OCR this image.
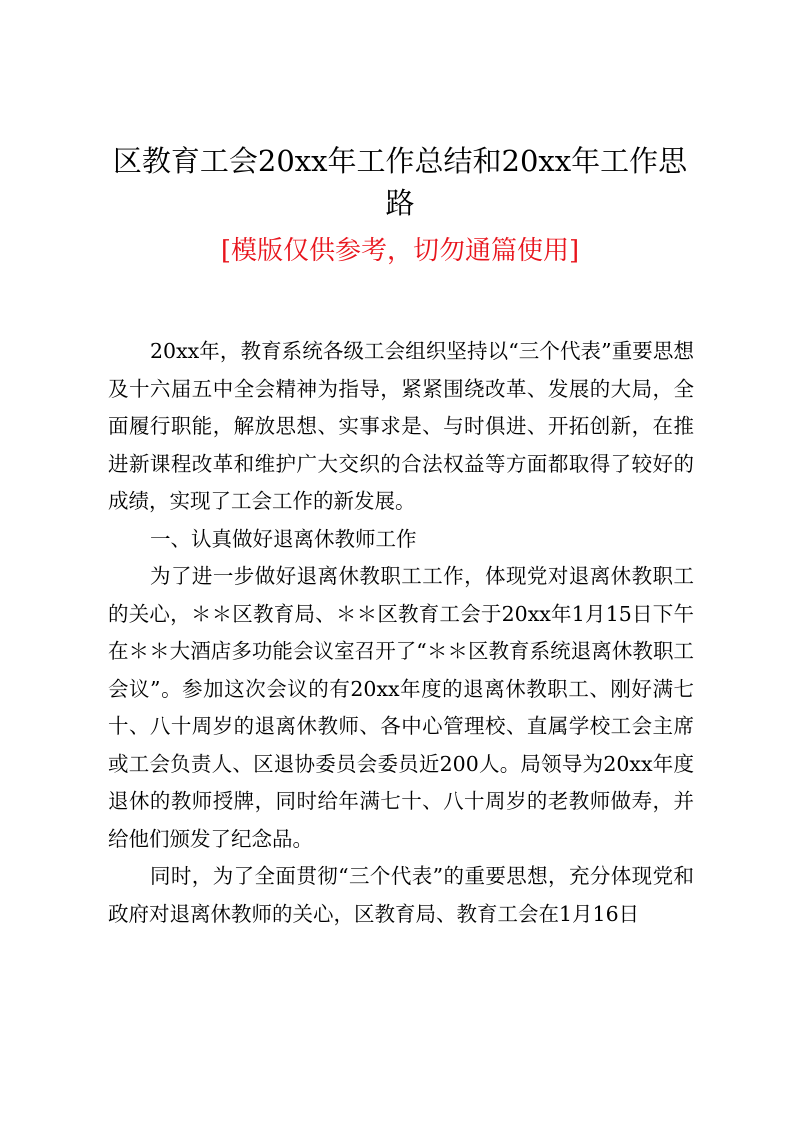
区教育工会20xx年工作总结和20xx年工作思路

[模版仅供参考，切勿通篇使用]

20xx年，教育系统各级工会组织坚持以“三个代表”重要思想及十六届五中全会精神为指导，紧紧围绕改革、发展的大局，全面履行职能，解放思想、实事求是、与时俱进、开拓创新，在推进新课程改革和维护广大交织的合法权益等方面都取得了较好的成绩，实现了工会工作的新发展。

一、认真做好退离休教师工作

为了进一步做好退离休教职工工作，体现党对退离休教职工的关心，＊＊区教育局、＊＊区教育工会于20xx年1月15日下午在＊＊大酒店多功能会议室召开了“＊＊区教育系统退离休教职工会议”。参加这次会议的有20xx年度的退离休教职工、刚好满七十、八十周岁的退离休教师、各中心管理校、直属学校工会主席或工会负责人、区退协委员会委员近200人。局领导为20xx年度退休的教师授牌，同时给年满七十、八十周岁的老教师做寿，并给他们颁发了纪念品。

同时，为了全面贯彻“三个代表”的重要思想，充分体现党和政府对退离休教师的关心，区教育局、教育工会在1月16日
